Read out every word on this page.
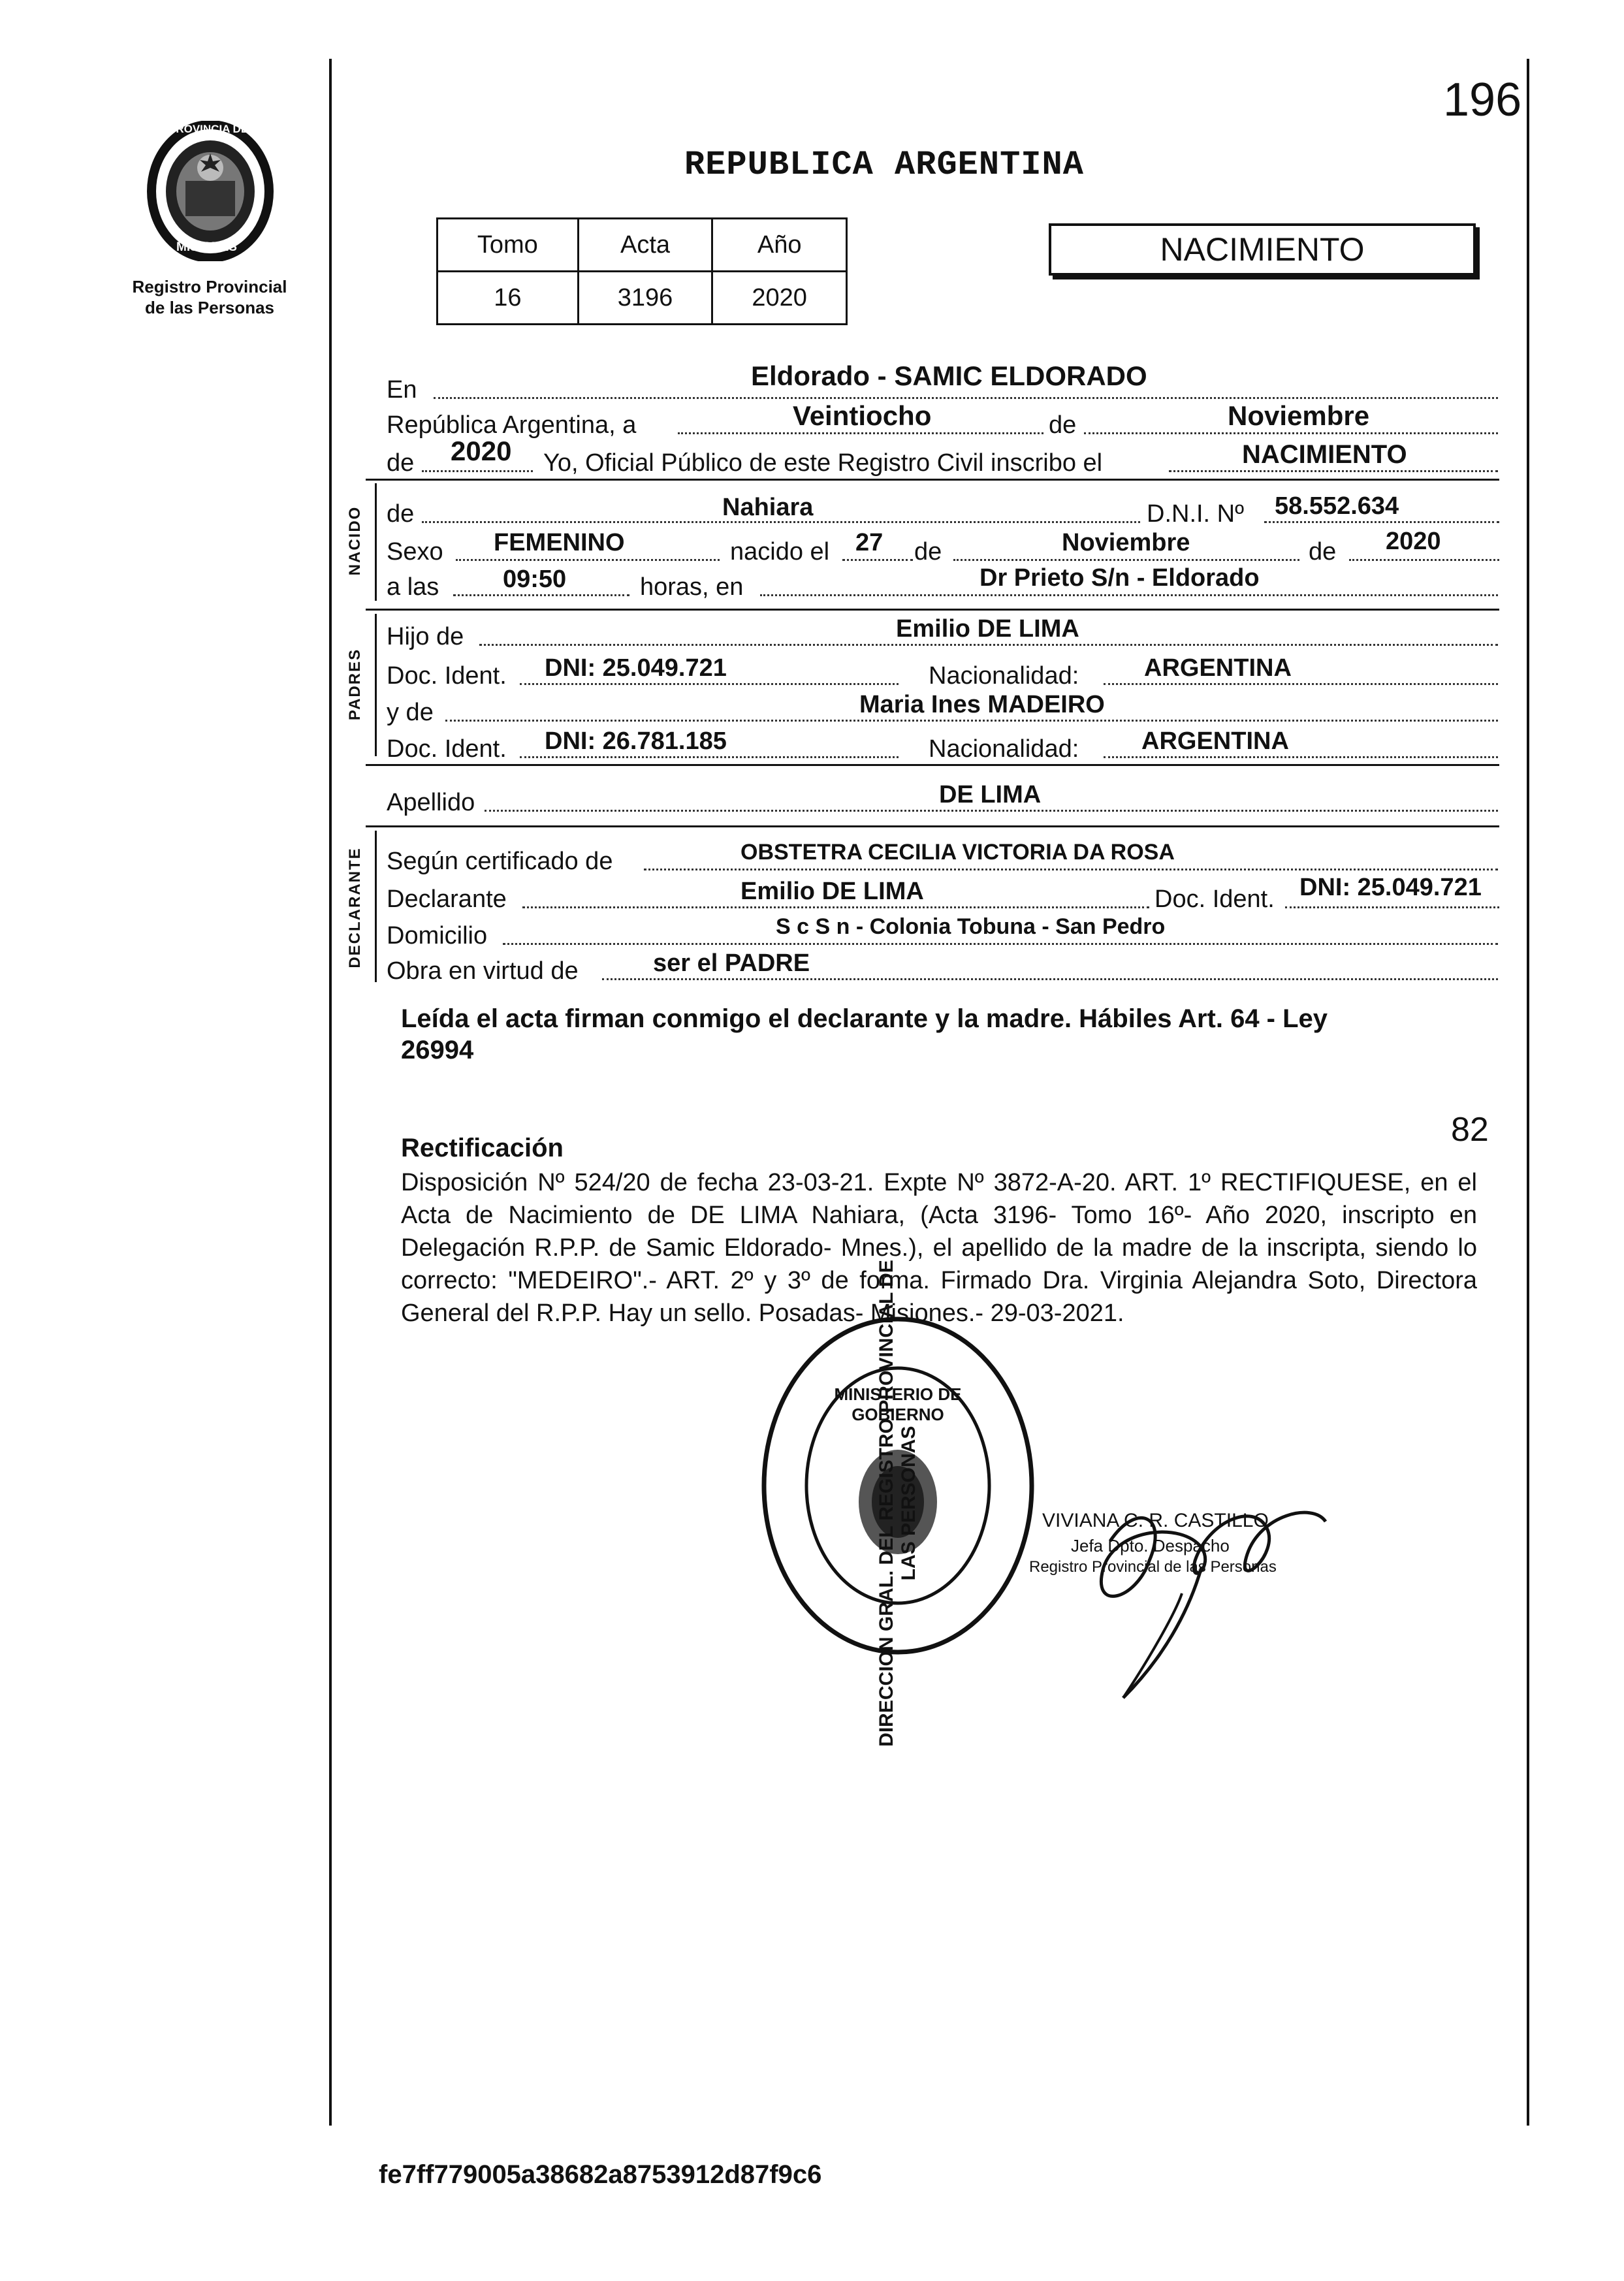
196
PROVINCIA DE
MISIONES
Registro Provincial
de las Personas
REPUBLICA ARGENTINA
Tomo	Acta	Año
16	3196	2020
NACIMIENTO
En	Eldorado - SAMIC ELDORADO
República Argentina, a	Veintiocho	de	Noviembre
de 2020 Yo, Oficial Público de este Registro Civil inscribo el	NACIMIENTO
NACIDO de	Nahiara	D.N.I. Nº 58.552.634
Sexo FEMENINO	nacido el 27 de	Noviembre	de 2020
a las	09:50	horas, en	Dr Prieto S/n - Eldorado
PADRES
Hijo de	Emilio DE LIMA
Doc. Ident. DNI: 25.049.721	Nacionalidad:	ARGENTINA
y de	Maria Ines MADEIRO
Doc. Ident. DNI: 26.781.185	Nacionalidad:	ARGENTINA
Apellido	DE LIMA
DECLARANTE Según certificado de	OBSTETRA CECILIA VICTORIA DA ROSA
Declarante	Emilio DE LIMA	Doc. Ident. DNI: 25.049.721
Domicilio	S c S n - Colonia Tobuna - San Pedro
Obra en virtud de	ser el PADRE
Leída el acta firman conmigo el declarante y la madre. Hábiles Art. 64 - Ley
26994
82
Rectificación
Disposición Nº 524/20 de fecha 23-03-21. Expte Nº 3872-A-20. ART. 1º RECTIFIQUESE, en el Acta de Nacimiento de DE LIMA Nahiara, (Acta 3196- Tomo 16º- Año 2020, inscripto en Delegación R.P.P. de Samic Eldorado- Mnes.), el apellido de la madre de la inscripta, siendo lo correcto: "MEDEIRO".- ART. 2º y 3º de forma. Firmado Dra. Virginia Alejandra Soto, Directora General del R.P.P. Hay un sello. Posadas- Misiones.- 29-03-2021.
DIRECCION GRAL. DEL REGISTRO PROVINCIAL DE LAS PERSONAS
MINISTERIO DE GOBIERNO
VIVIANA C. R. CASTILLO
Jefa Dpto. Despacho
Registro Provincial de las Personas
fe7ff779005a38682a8753912d87f9c6
